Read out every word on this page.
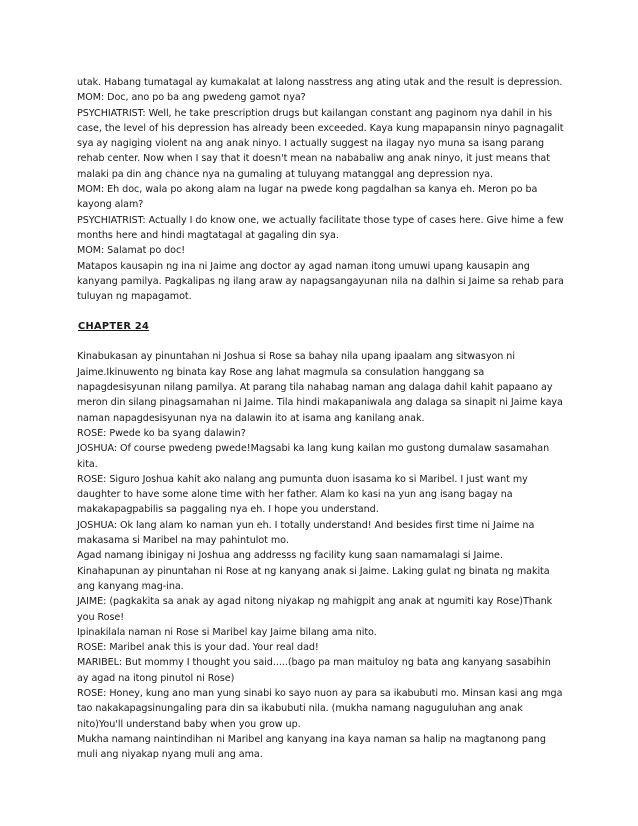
utak. Habang tumatagal ay kumakalat at lalong nasstress ang ating utak and the result is depression.

MOM: Doc, ano po ba ang pwedeng gamot nya?

PSYCHIATRIST: Well, he take prescription drugs but kailangan constant ang paginom nya dahil in his case, the level of his depression has already been exceeded. Kaya kung mapapansin ninyo pagnagalit sya ay nagiging violent na ang anak ninyo. I actually suggest na ilagay nyo muna sa isang parang rehab center. Now when I say that it doesn't mean na nababaliw ang anak ninyo, it just means that malaki pa din ang chance nya na gumaling at tuluyang matanggal ang depression nya.

MOM: Eh doc, wala po akong alam na lugar na pwede kong pagdalhan sa kanya eh. Meron po ba kayong alam?

PSYCHIATRIST: Actually I do know one, we actually facilitate those type of cases here. Give hime a few months here and hindi magtatagal at gagaling din sya.

MOM: Salamat po doc!

Matapos kausapin ng ina ni Jaime ang doctor ay agad naman itong umuwi upang kausapin ang kanyang pamilya. Pagkalipas ng ilang araw ay napagsangayunan nila na dalhin si Jaime sa rehab para tuluyan ng mapagamot.

CHAPTER 24

Kinabukasan ay pinuntahan ni Joshua si Rose sa bahay nila upang ipaalam ang sitwasyon ni Jaime.Ikinuwento ng binata kay Rose ang lahat magmula sa consulation hanggang sa napagdesisyunan nilang pamilya. At parang tila nahabag naman ang dalaga dahil kahit papaano ay meron din silang pinagsamahan ni Jaime. Tila hindi makapaniwala ang dalaga sa sinapit ni Jaime kaya naman napagdesisyunan nya na dalawin ito at isama ang kanilang anak.

ROSE: Pwede ko ba syang dalawin?

JOSHUA: Of course pwedeng pwede!Magsabi ka lang kung kailan mo gustong dumalaw sasamahan kita.

ROSE: Siguro Joshua kahit ako nalang ang pumunta duon isasama ko si Maribel. I just want my daughter to have some alone time with her father. Alam ko kasi na yun ang isang bagay na makakapagpabilis sa paggaling nya eh. I hope you understand.

JOSHUA: Ok lang alam ko naman yun eh. I totally understand! And besides first time ni Jaime na makasama si Maribel na may pahintulot mo.

Agad namang ibinigay ni Joshua ang addresss ng facility kung saan namamalagi si Jaime. Kinahapunan ay pinuntahan ni Rose at ng kanyang anak si Jaime. Laking gulat ng binata ng makita ang kanyang mag-ina.

JAIME: (pagkakita sa anak ay agad nitong niyakap ng mahigpit ang anak at ngumiti kay Rose)Thank you Rose!

Ipinakilala naman ni Rose si Maribel kay Jaime bilang ama nito.

ROSE: Maribel anak this is your dad. Your real dad!

MARIBEL: But mommy I thought you said.....(bago pa man maituloy ng bata ang kanyang sasabihin ay agad na itong pinutol ni Rose)

ROSE: Honey, kung ano man yung sinabi ko sayo nuon ay para sa ikabubuti mo. Minsan kasi ang mga tao nakakapagsinungaling para din sa ikabubuti nila. (mukha namang naguguluhan ang anak nito)You'll understand baby when you grow up.

Mukha namang naintindihan ni Maribel ang kanyang ina kaya naman sa halip na magtanong pang muli ang niyakap nyang muli ang ama.
